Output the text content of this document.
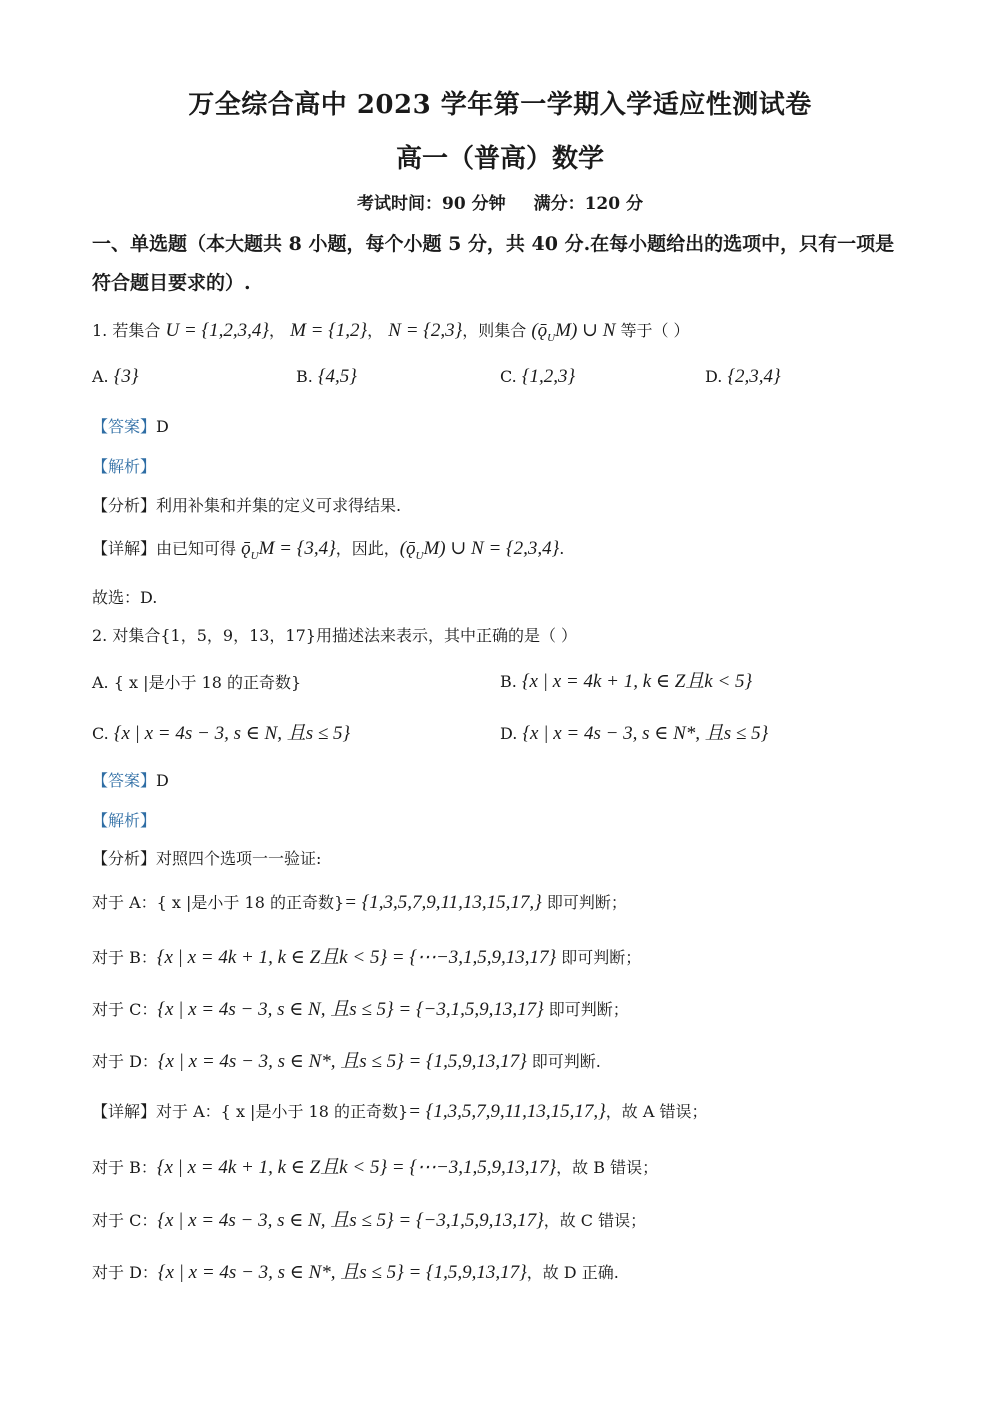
万全综合高中 2023 学年第一学期入学适应性测试卷
高一（普高）数学
考试时间：90 分钟 满分：120 分
一、单选题（本大题共 8 小题，每个小题 5 分，共 40 分.在每小题给出的选项中，只有一项是
符合题目要求的）.
1. 若集合 U = {1,2,3,4}， M = {1,2}， N = {2,3}，则集合 $(ǭ_UM)$ ∪ N 等于（ ）
A. {3}	B. {4,5}	C. {1,2,3}	D. {2,3,4}
【答案】D
【解析】
【分析】利用补集和并集的定义可求得结果.
【详解】由已知可得 $ǭ_UM = \{3,4\}$，因此，$(ǭ_UM)$ ∪ N = {2,3,4}.
故选：D.
2. 对集合{1，5，9，13，17}用描述法来表示，其中正确的是（ ）
A. { x |是小于 18 的正奇数}	B. {x | x = 4k + 1, k ∈ Z且k < 5}
C. {x | x = 4s − 3, s ∈ N, 且s ≤ 5}	D. {x | x = 4s − 3, s ∈ N*, 且s ≤ 5}
【答案】D
【解析】
【分析】对照四个选项一一验证:
对于 A：{ x |是小于 18 的正奇数}= {1,3,5,7,9,11,13,15,17,} 即可判断；
对于 B：{x | x = 4k + 1, k ∈ Z且k < 5} = {⋯−3,1,5,9,13,17} 即可判断；
对于 C：{x | x = 4s − 3, s ∈ N, 且s ≤ 5} = {−3,1,5,9,13,17} 即可判断；
对于 D：{x | x = 4s − 3, s ∈ N*, 且s ≤ 5} = {1,5,9,13,17} 即可判断.
【详解】对于 A：{ x |是小于 18 的正奇数}= {1,3,5,7,9,11,13,15,17,}，故 A 错误；
对于 B：{x | x = 4k + 1, k ∈ Z且k < 5} = {⋯−3,1,5,9,13,17}，故 B 错误；
对于 C：{x | x = 4s − 3, s ∈ N, 且s ≤ 5} = {−3,1,5,9,13,17}，故 C 错误；
对于 D：{x | x = 4s − 3, s ∈ N*, 且s ≤ 5} = {1,5,9,13,17}，故 D 正确.
